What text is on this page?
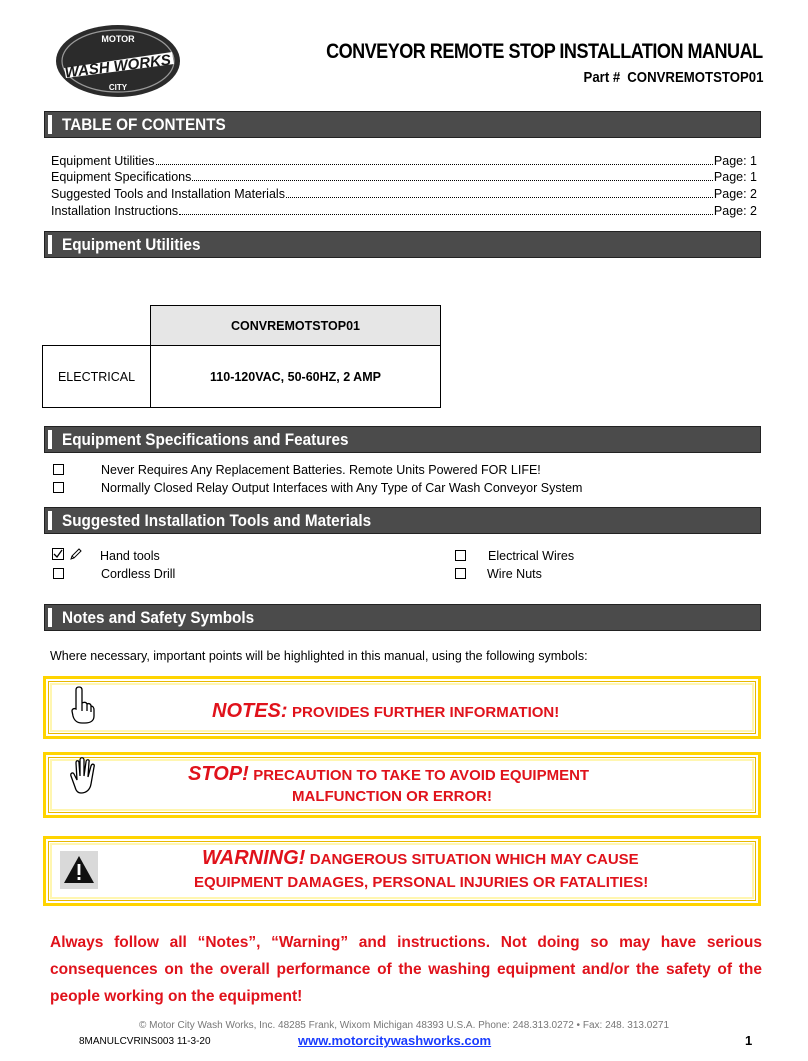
MOTOR
WASH WORKS
CITY
CONVEYOR REMOTE STOP INSTALLATION MANUAL
Part # CONVREMOTSTOP01
TABLE OF CONTENTS
Equipment Utilities	Page: 1
Equipment Specifications	Page: 1
Suggested Tools and Installation Materials	Page: 2
Installation Instructions	Page: 2
Equipment Utilities
CONVREMOTSTOP01
ELECTRICAL	110-120VAC, 50-60HZ, 2 AMP
Equipment Specifications and Features
Never Requires Any Replacement Batteries. Remote Units Powered FOR LIFE!
Normally Closed Relay Output Interfaces with Any Type of Car Wash Conveyor System
Suggested Installation Tools and Materials
Hand tools
Cordless Drill
Electrical Wires
Wire Nuts
Notes and Safety Symbols
Where necessary, important points will be highlighted in this manual, using the following symbols:
NOTES: PROVIDES FURTHER INFORMATION!
STOP! PRECAUTION TO TAKE TO AVOID EQUIPMENT
MALFUNCTION OR ERROR!
WARNING! DANGEROUS SITUATION WHICH MAY CAUSE
EQUIPMENT DAMAGES, PERSONAL INJURIES OR FATALITIES!
Always follow all “Notes”, “Warning” and instructions. Not doing so may have serious consequences on the overall performance of the washing equipment and/or the safety of the people working on the equipment!
© Motor City Wash Works, Inc. 48285 Frank, Wixom Michigan 48393 U.S.A. Phone: 248.313.0272 • Fax: 248. 313.0271
8MANULCVRINS003 11-3-20	www.motorcitywashworks.com	1
